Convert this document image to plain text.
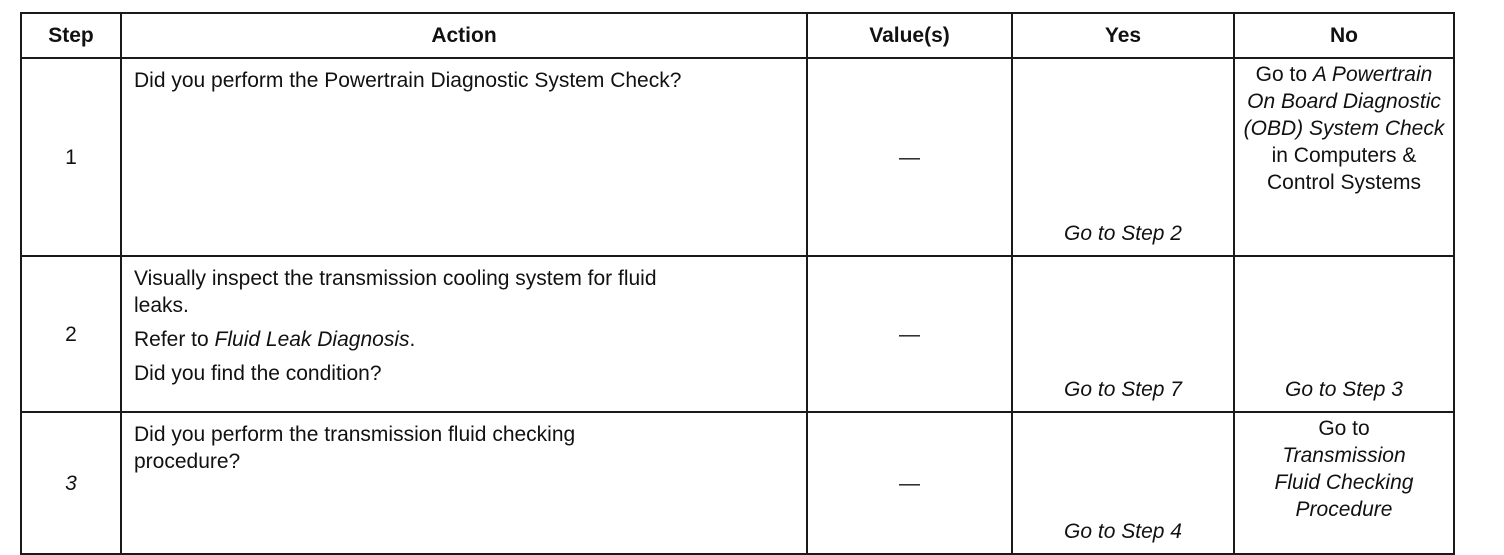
Step	Action	Value(s)	Yes	No
1	Did you perform the Powertrain Diagnostic System Check?	—	Go to Step 2	Go to A Powertrain On Board Diagnostic (OBD) System Check in Computers & Control Systems
2	Visually inspect the transmission cooling system for fluid leaks.

Refer to Fluid Leak Diagnosis.

Did you find the condition?	—	Go to Step 7	Go to Step 3
3	Did you perform the transmission fluid checking procedure?	—	Go to Step 4	Go to
Transmission Fluid Checking Procedure
